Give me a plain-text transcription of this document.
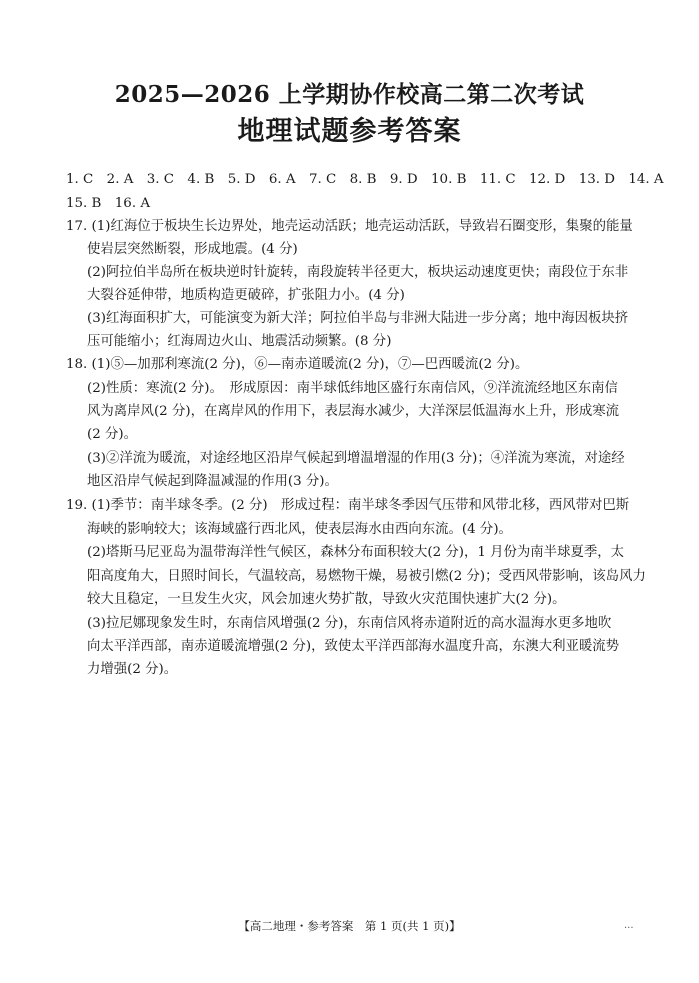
2025—2026 上学期协作校高二第二次考试
地理试题参考答案
1. C　2. A　3. C　4. B　5. D　6. A　7. C　8. B　9. D　10. B　11. C　12. D　13. D　14. A
15. B　16. A
17. (1)红海位于板块生长边界处，地壳运动活跃；地壳运动活跃，导致岩石圈变形，集聚的能量
使岩层突然断裂，形成地震。(4 分)
(2)阿拉伯半岛所在板块逆时针旋转，南段旋转半径更大，板块运动速度更快；南段位于东非
大裂谷延伸带，地质构造更破碎，扩张阻力小。(4 分)
(3)红海面积扩大，可能演变为新大洋；阿拉伯半岛与非洲大陆进一步分离；地中海因板块挤
压可能缩小；红海周边火山、地震活动频繁。(8 分)
18. (1)⑤—加那利寒流(2 分)，⑥—南赤道暖流(2 分)，⑦—巴西暖流(2 分)。
(2)性质：寒流(2 分)。　形成原因：南半球低纬地区盛行东南信风，⑨洋流流经地区东南信
风为离岸风(2 分)，在离岸风的作用下，表层海水减少，大洋深层低温海水上升，形成寒流
(2 分)。
(3)②洋流为暖流，对途经地区沿岸气候起到增温增湿的作用(3 分)；④洋流为寒流，对途经
地区沿岸气候起到降温减湿的作用(3 分)。
19. (1)季节：南半球冬季。(2 分)　形成过程：南半球冬季因气压带和风带北移，西风带对巴斯
海峡的影响较大；该海域盛行西北风，使表层海水由西向东流。(4 分)。
(2)塔斯马尼亚岛为温带海洋性气候区，森林分布面积较大(2 分)，1 月份为南半球夏季，太
阳高度角大，日照时间长，气温较高，易燃物干燥，易被引燃(2 分)；受西风带影响，该岛风力
较大且稳定，一旦发生火灾，风会加速火势扩散，导致火灾范围快速扩大(2 分)。
(3)拉尼娜现象发生时，东南信风增强(2 分)，东南信风将赤道附近的高水温海水更多地吹
向太平洋西部，南赤道暖流增强(2 分)，致使太平洋西部海水温度升高，东澳大利亚暖流势
力增强(2 分)。
【高二地理・参考答案　第 1 页(共 1 页)】	...
